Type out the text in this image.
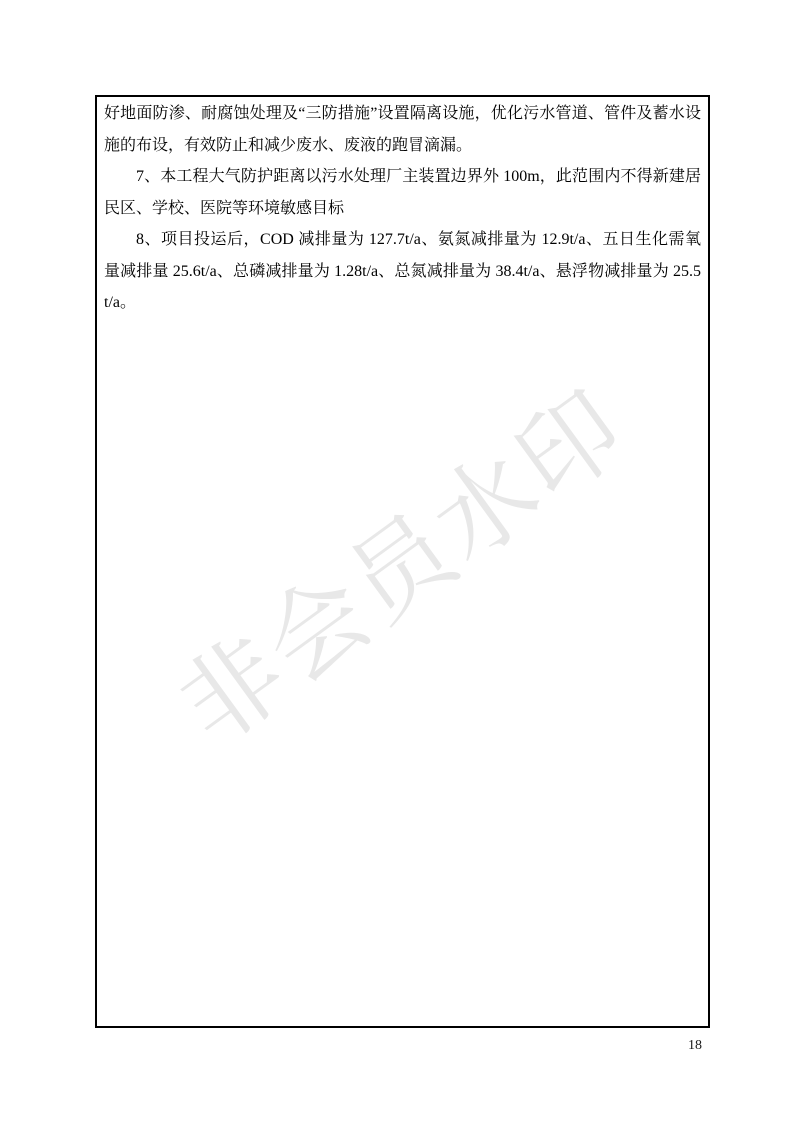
非会员水印

好地面防渗、耐腐蚀处理及“三防措施”设置隔离设施，优化污水管道、管件及蓄水设施的布设，有效防止和减少废水、废液的跑冒滴漏。

7、本工程大气防护距离以污水处理厂主装置边界外 100m，此范围内不得新建居民区、学校、医院等环境敏感目标

8、项目投运后，COD 减排量为 127.7t/a、氨氮减排量为 12.9t/a、五日生化需氧量减排量 25.6t/a、总磷减排量为 1.28t/a、总氮减排量为 38.4t/a、悬浮物减排量为 25.5t/a。

18
